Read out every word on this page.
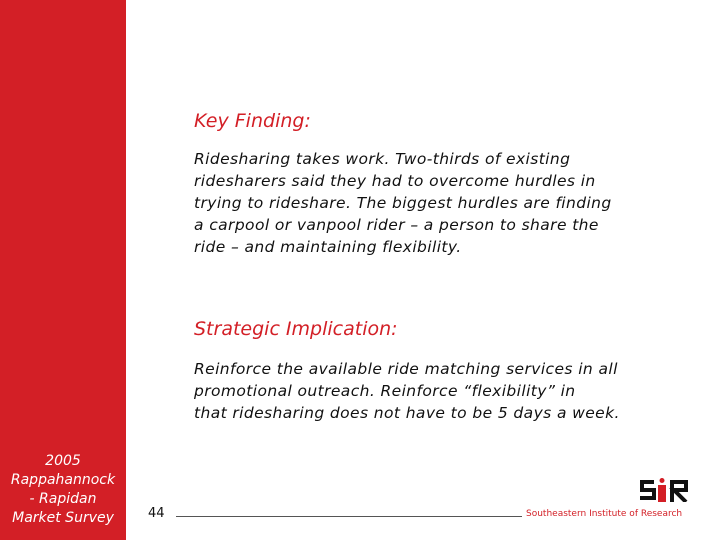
2005
Rappahannock
- Rapidan
Market Survey
Key Finding:
Ridesharing takes work. Two-thirds of existing
ridesharers said they had to overcome hurdles in
trying to rideshare. The biggest hurdles are finding
a carpool or vanpool rider – a person to share the
ride – and maintaining flexibility.
Strategic Implication:
Reinforce the available ride matching services in all
promotional outreach. Reinforce “flexibility” in
that ridesharing does not have to be 5 days a week.
44	Southeastern Institute of Research
